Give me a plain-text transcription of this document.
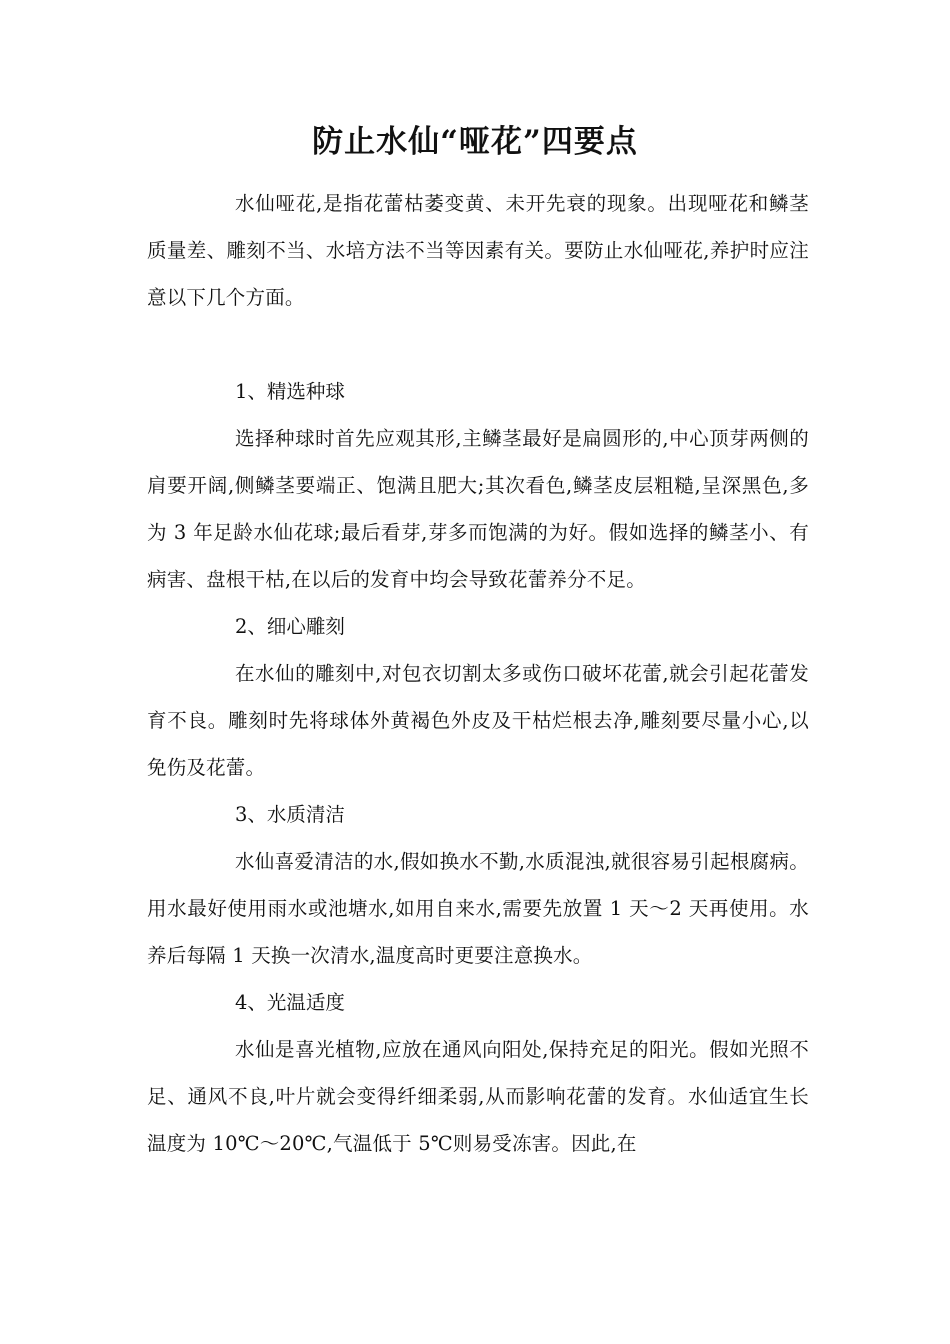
防止水仙“哑花”四要点

水仙哑花,是指花蕾枯萎变黄、未开先衰的现象。出现哑花和鳞茎质量差、雕刻不当、水培方法不当等因素有关。要防止水仙哑花,养护时应注意以下几个方面。

1、精选种球

选择种球时首先应观其形,主鳞茎最好是扁圆形的,中心顶芽两侧的肩要开阔,侧鳞茎要端正、饱满且肥大;其次看色,鳞茎皮层粗糙,呈深黑色,多为 3 年足龄水仙花球;最后看芽,芽多而饱满的为好。假如选择的鳞茎小、有病害、盘根干枯,在以后的发育中均会导致花蕾养分不足。

2、细心雕刻

在水仙的雕刻中,对包衣切割太多或伤口破坏花蕾,就会引起花蕾发育不良。雕刻时先将球体外黄褐色外皮及干枯烂根去净,雕刻要尽量小心,以免伤及花蕾。

3、水质清洁

水仙喜爱清洁的水,假如换水不勤,水质混浊,就很容易引起根腐病。用水最好使用雨水或池塘水,如用自来水,需要先放置 1 天～2 天再使用。水养后每隔 1 天换一次清水,温度高时更要注意换水。

4、光温适度

水仙是喜光植物,应放在通风向阳处,保持充足的阳光。假如光照不足、通风不良,叶片就会变得纤细柔弱,从而影响花蕾的发育。水仙适宜生长温度为 10℃～20℃,气温低于 5℃则易受冻害。因此,在
